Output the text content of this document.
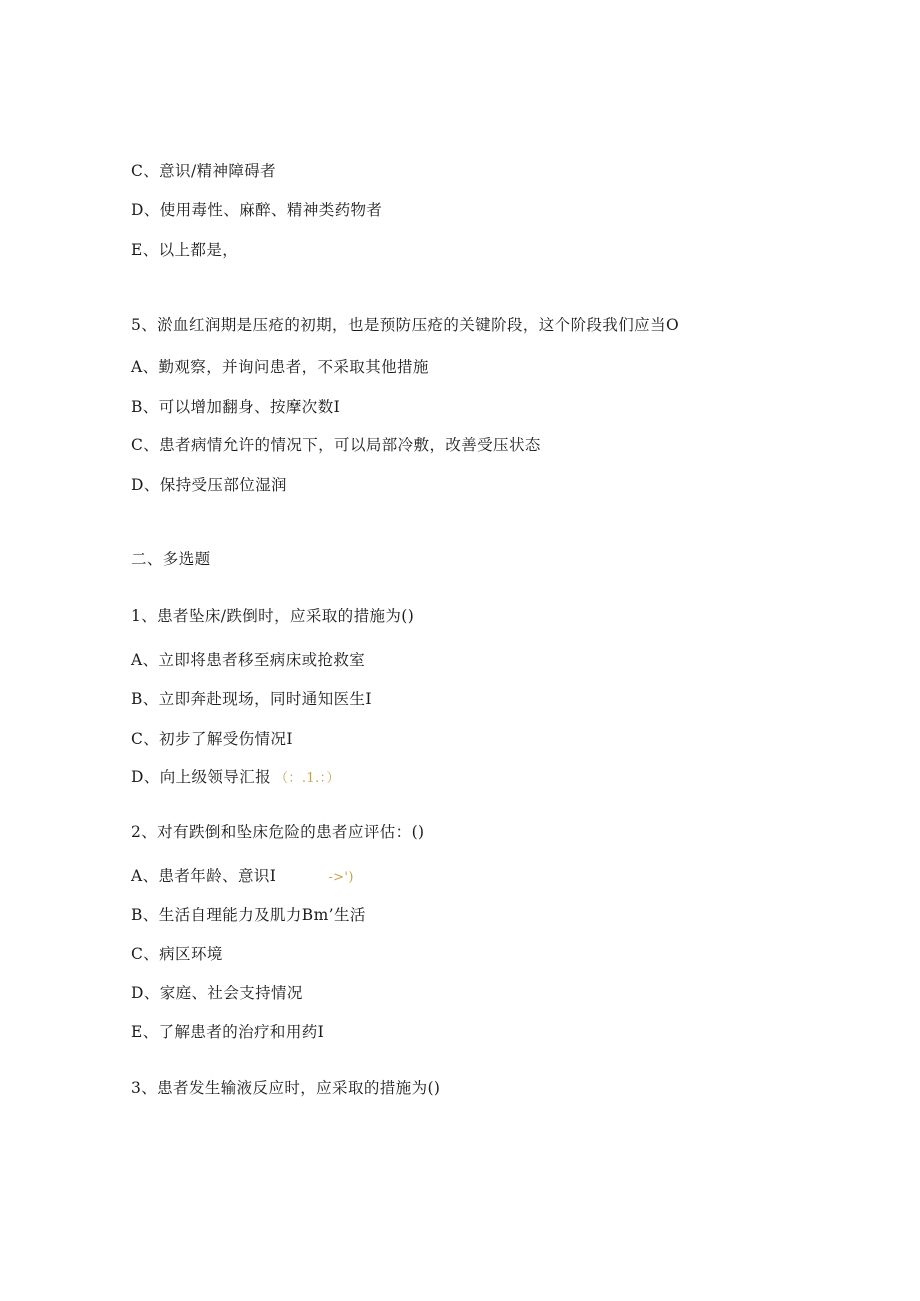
C、意识/精神障碍者
D、使用毒性、麻醉、精神类药物者
E、以上都是，
5、淤血红润期是压疮的初期，也是预防压疮的关键阶段，这个阶段我们应当O
A、勤观察，并询问患者，不采取其他措施
B、可以增加翻身、按摩次数I
C、患者病情允许的情况下，可以局部冷敷，改善受压状态
D、保持受压部位湿润
二、多选题
1、患者坠床/跌倒时，应采取的措施为()
A、立即将患者移至病床或抢救室
B、立即奔赴现场，同时通知医生I
C、初步了解受伤情况I
D、向上级领导汇报 （：.1.：）
2、对有跌倒和坠床危险的患者应评估：()
A、患者年龄、意识I	->')
B、生活自理能力及肌力Bm’生活
C、病区环境
D、家庭、社会支持情况
E、了解患者的治疗和用药I
3、患者发生输液反应时，应采取的措施为()
